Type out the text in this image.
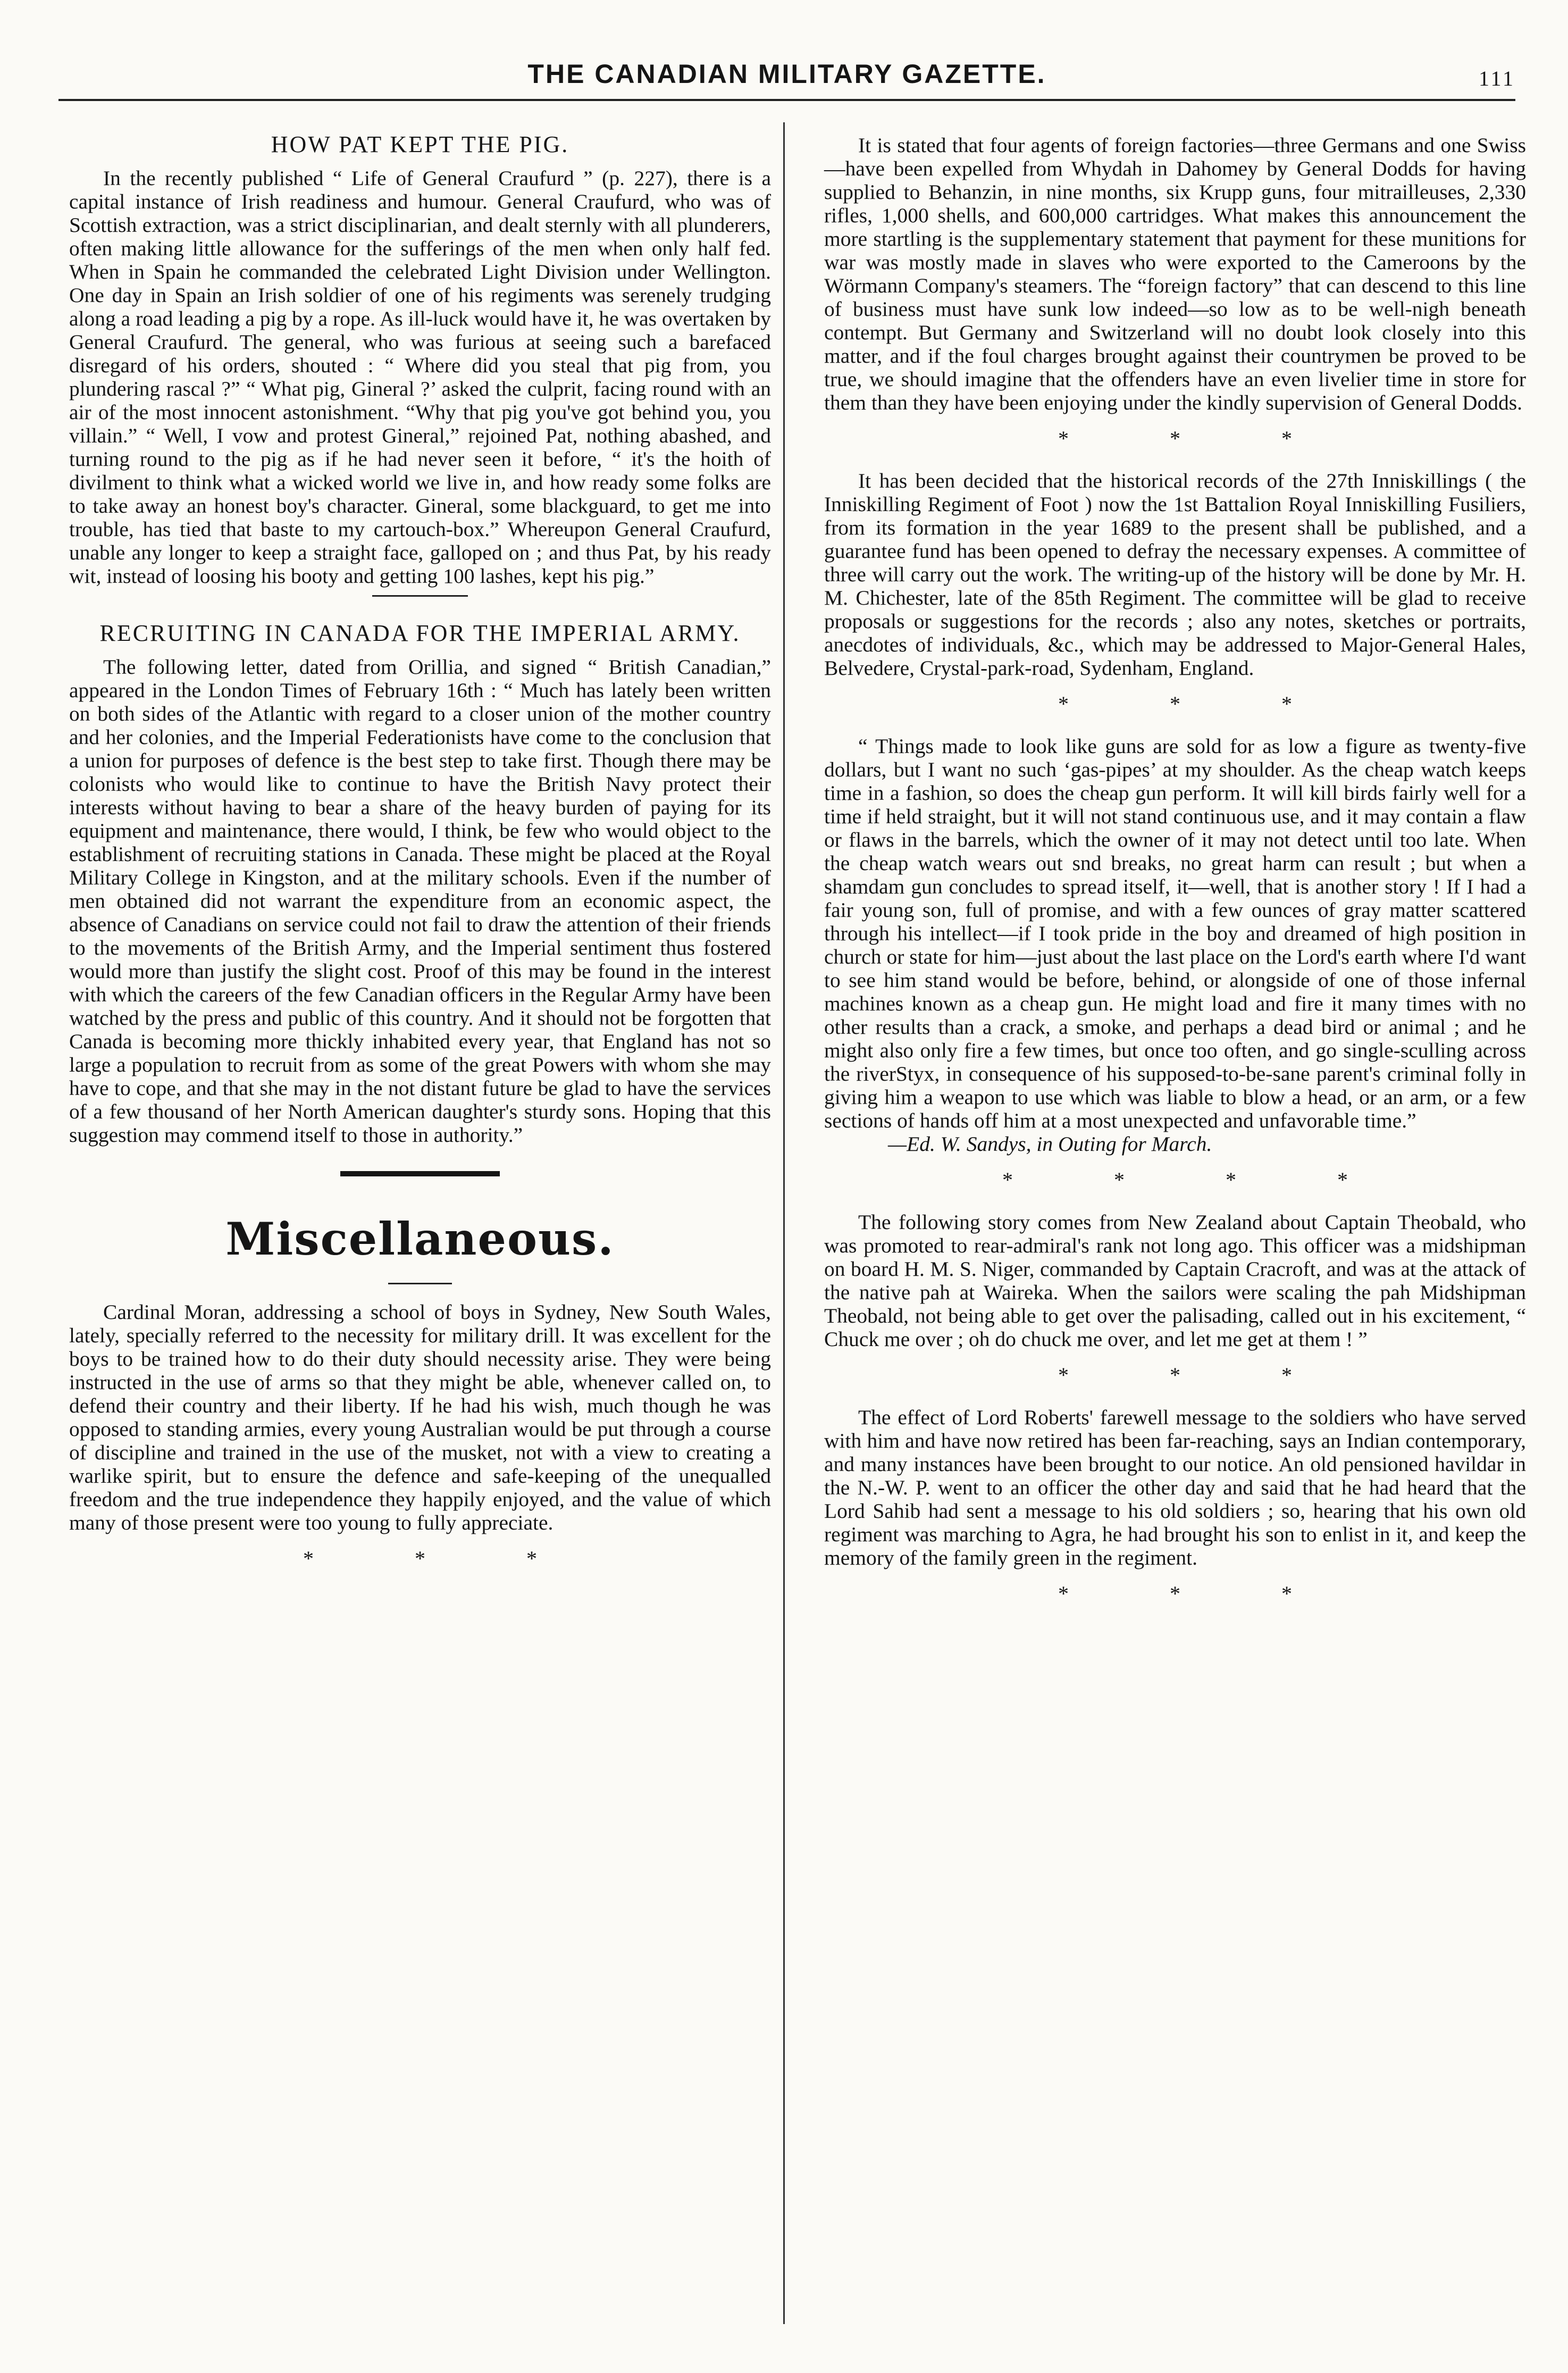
THE CANADIAN MILITARY GAZETTE.	111
HOW PAT KEPT THE PIG.

In the recently published “ Life of General Craufurd ” (p. 227), there is a capital instance of Irish readiness and humour. General Craufurd, who was of Scottish extraction, was a strict disciplinarian, and dealt sternly with all plunderers, often making little allowance for the sufferings of the men when only half fed. When in Spain he commanded the celebrated Light Division under Wellington. One day in Spain an Irish soldier of one of his regiments was serenely trudging along a road leading a pig by a rope. As ill-luck would have it, he was overtaken by General Craufurd. The general, who was furious at seeing such a barefaced disregard of his orders, shouted : “ Where did you steal that pig from, you plundering rascal ?” “ What pig, Gineral ?’ asked the culprit, facing round with an air of the most innocent astonishment. “Why that pig you've got behind you, you villain.” “ Well, I vow and protest Gineral,” rejoined Pat, nothing abashed, and turning round to the pig as if he had never seen it before, “ it's the hoith of divilment to think what a wicked world we live in, and how ready some folks are to take away an honest boy's character. Gineral, some blackguard, to get me into trouble, has tied that baste to my cartouch-box.” Whereupon General Craufurd, unable any longer to keep a straight face, galloped on ; and thus Pat, by his ready wit, instead of loosing his booty and getting 100 lashes, kept his pig.”

RECRUITING IN CANADA FOR THE IMPERIAL ARMY.

The following letter, dated from Orillia, and signed “ British Canadian,” appeared in the London Times of February 16th : “ Much has lately been written on both sides of the Atlantic with regard to a closer union of the mother country and her colonies, and the Imperial Federationists have come to the conclusion that a union for purposes of defence is the best step to take first. Though there may be colonists who would like to continue to have the British Navy protect their interests without having to bear a share of the heavy burden of paying for its equipment and maintenance, there would, I think, be few who would object to the establishment of recruiting stations in Canada. These might be placed at the Royal Military College in Kingston, and at the military schools. Even if the number of men obtained did not warrant the expenditure from an economic aspect, the absence of Canadians on service could not fail to draw the attention of their friends to the movements of the British Army, and the Imperial sentiment thus fostered would more than justify the slight cost. Proof of this may be found in the interest with which the careers of the few Canadian officers in the Regular Army have been watched by the press and public of this country. And it should not be forgotten that Canada is becoming more thickly inhabited every year, that England has not so large a population to recruit from as some of the great Powers with whom she may have to cope, and that she may in the not distant future be glad to have the services of a few thousand of her North American daughter's sturdy sons. Hoping that this suggestion may commend itself to those in authority.”

Miscellaneous.

Cardinal Moran, addressing a school of boys in Sydney, New South Wales, lately, specially referred to the necessity for military drill. It was excellent for the boys to be trained how to do their duty should necessity arise. They were being instructed in the use of arms so that they might be able, whenever called on, to defend their country and their liberty. If he had his wish, much though he was opposed to standing armies, every young Australian would be put through a course of discipline and trained in the use of the musket, not with a view to creating a warlike spirit, but to ensure the defence and safe-keeping of the unequalled freedom and the true independence they happily enjoyed, and the value of which many of those present were too young to fully appreciate.

* * *

It is stated that four agents of foreign factories—three Germans and one Swiss—have been expelled from Whydah in Dahomey by General Dodds for having supplied to Behanzin, in nine months, six Krupp guns, four mitrailleuses, 2,330 rifles, 1,000 shells, and 600,000 cartridges. What makes this announcement the more startling is the supplementary statement that payment for these munitions for war was mostly made in slaves who were exported to the Cameroons by the Wörmann Company's steamers. The “foreign factory” that can descend to this line of business must have sunk low indeed—so low as to be well-nigh beneath contempt. But Germany and Switzerland will no doubt look closely into this matter, and if the foul charges brought against their countrymen be proved to be true, we should imagine that the offenders have an even livelier time in store for them than they have been enjoying under the kindly supervision of General Dodds.

* * *

It has been decided that the historical records of the 27th Inniskillings ( the Inniskilling Regiment of Foot ) now the 1st Battalion Royal Inniskilling Fusiliers, from its formation in the year 1689 to the present shall be published, and a guarantee fund has been opened to defray the necessary expenses. A committee of three will carry out the work. The writing-up of the history will be done by Mr. H. M. Chichester, late of the 85th Regiment. The committee will be glad to receive proposals or suggestions for the records ; also any notes, sketches or portraits, anecdotes of individuals, &c., which may be addressed to Major-General Hales, Belvedere, Crystal-park-road, Sydenham, England.

* * *

“ Things made to look like guns are sold for as low a figure as twenty-five dollars, but I want no such ‘gas-pipes’ at my shoulder. As the cheap watch keeps time in a fashion, so does the cheap gun perform. It will kill birds fairly well for a time if held straight, but it will not stand continuous use, and it may contain a flaw or flaws in the barrels, which the owner of it may not detect until too late. When the cheap watch wears out snd breaks, no great harm can result ; but when a shamdam gun concludes to spread itself, it—well, that is another story ! If I had a fair young son, full of promise, and with a few ounces of gray matter scattered through his intellect—if I took pride in the boy and dreamed of high position in church or state for him—just about the last place on the Lord's earth where I'd want to see him stand would be before, behind, or alongside of one of those infernal machines known as a cheap gun. He might load and fire it many times with no other results than a crack, a smoke, and perhaps a dead bird or animal ; and he might also only fire a few times, but once too often, and go single-sculling across the riverStyx, in consequence of his supposed-to-be-sane parent's criminal folly in giving him a weapon to use which was liable to blow a head, or an arm, or a few sections of hands off him at a most unexpected and unfavorable time.”

—Ed. W. Sandys, in Outing for March.

* * * *

The following story comes from New Zealand about Captain Theobald, who was promoted to rear-admiral's rank not long ago. This officer was a midshipman on board H. M. S. Niger, commanded by Captain Cracroft, and was at the attack of the native pah at Waireka. When the sailors were scaling the pah Midshipman Theobald, not being able to get over the palisading, called out in his excitement, “ Chuck me over ; oh do chuck me over, and let me get at them ! ”

* * *

The effect of Lord Roberts' farewell message to the soldiers who have served with him and have now retired has been far-reaching, says an Indian contemporary, and many instances have been brought to our notice. An old pensioned havildar in the N.-W. P. went to an officer the other day and said that he had heard that the Lord Sahib had sent a message to his old soldiers ; so, hearing that his own old regiment was marching to Agra, he had brought his son to enlist in it, and keep the memory of the family green in the regiment.

* * *
